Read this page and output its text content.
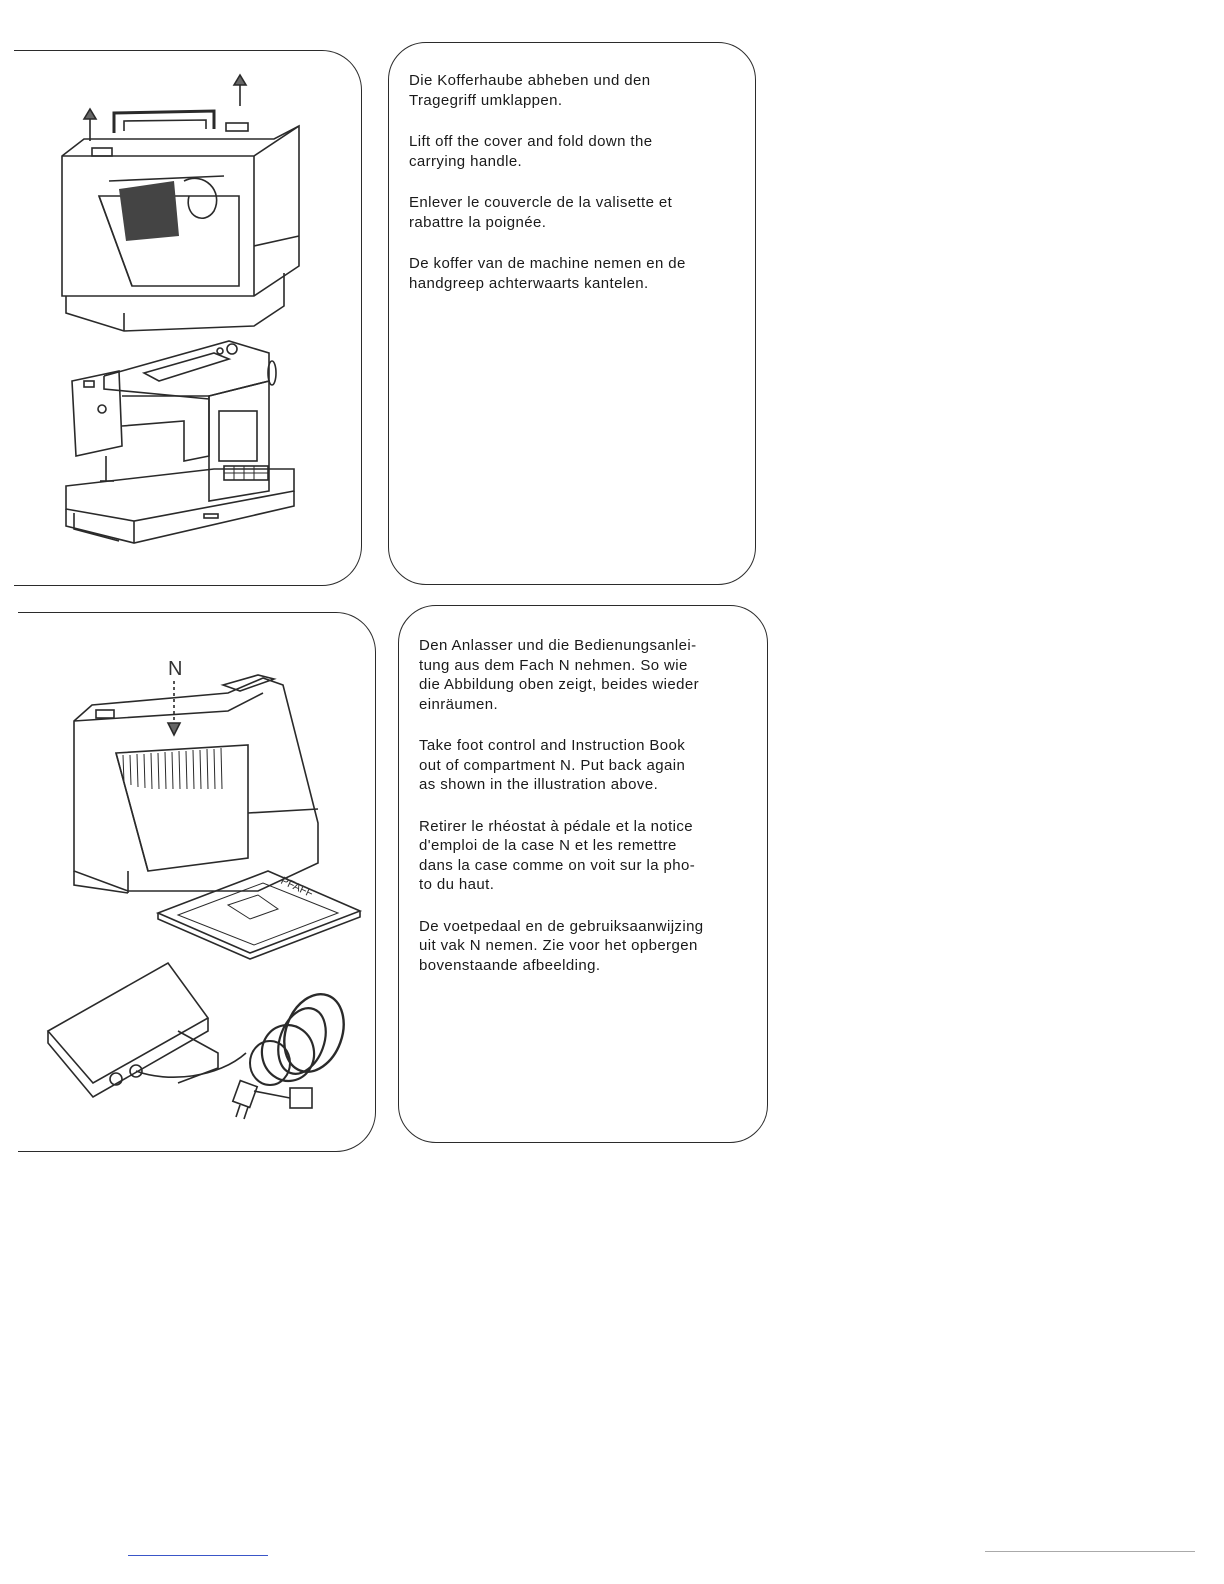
Die Kofferhaube abheben und den
Tragegriff umklappen.

Lift off the cover and fold down the
carrying handle.

Enlever le couvercle de la valisette et
rabattre la poignée.

De koffer van de machine nemen en de
handgreep achterwaarts kantelen.

N
PFAFF

Den Anlasser und die Bedienungsanlei-
tung aus dem Fach N nehmen. So wie
die Abbildung oben zeigt, beides wieder
einräumen.

Take foot control and Instruction Book
out of compartment N. Put back again
as shown in the illustration above.

Retirer le rhéostat à pédale et la notice
d'emploi de la case N et les remettre
dans la case comme on voit sur la pho-
to du haut.

De voetpedaal en de gebruiksaanwijzing
uit vak N nemen. Zie voor het opbergen
bovenstaande afbeelding.
